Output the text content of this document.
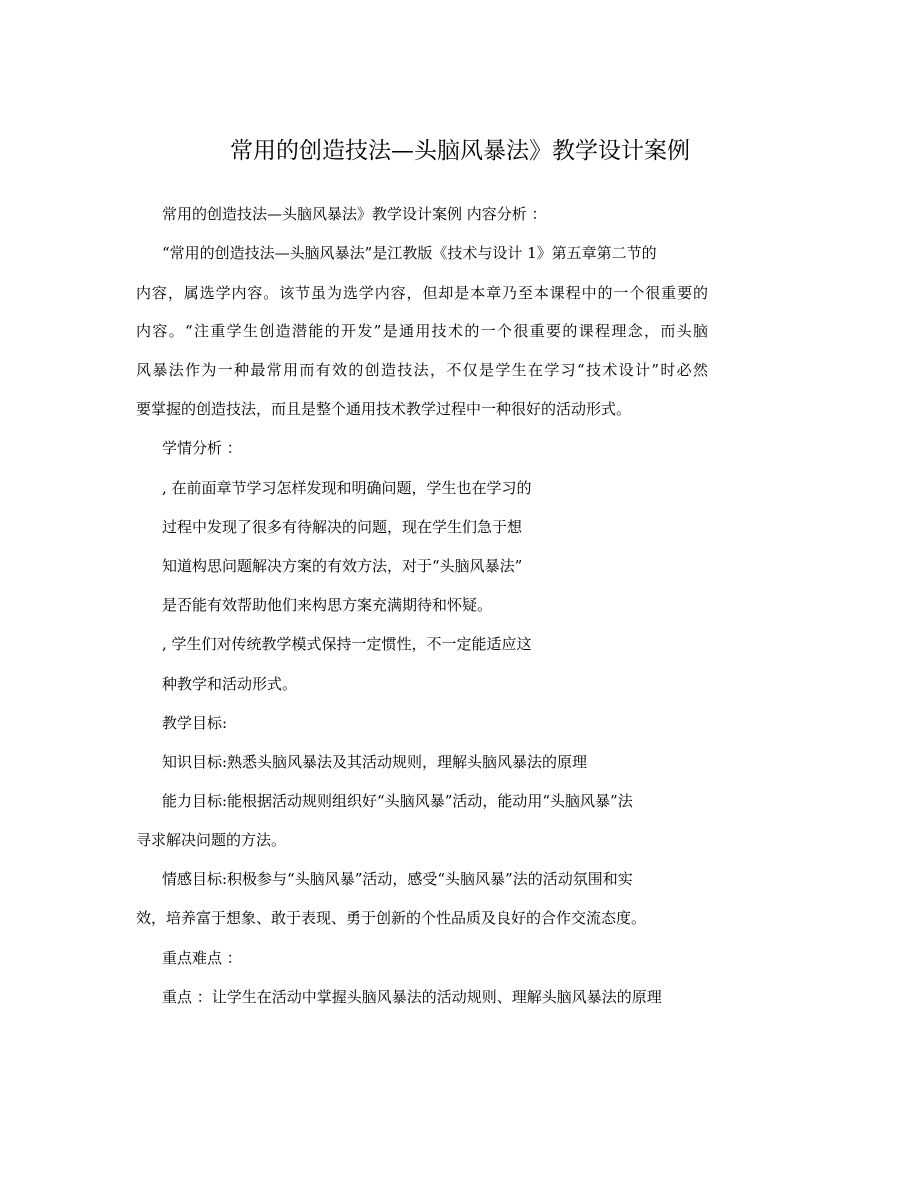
常用的创造技法—头脑风暴法》教学设计案例
常用的创造技法—头脑风暴法》教学设计案例 内容分析 ：
“常用的创造技法—头脑风暴法”是江教版《技术与设计 1》第五章第二节的
内容，属选学内容。该节虽为选学内容，但却是本章乃至本课程中的一个很重要的
内容。“注重学生创造潜能的开发”是通用技术的一个很重要的课程理念，而头脑
风暴法作为一种最常用而有效的创造技法，不仅是学生在学习“技术设计”时必然
要掌握的创造技法，而且是整个通用技术教学过程中一种很好的活动形式。
学情分析 ：
, 在前面章节学习怎样发现和明确问题，学生也在学习的
过程中发现了很多有待解决的问题，现在学生们急于想
知道构思问题解决方案的有效方法，对于“头脑风暴法”
是否能有效帮助他们来构思方案充满期待和怀疑。
, 学生们对传统教学模式保持一定惯性，不一定能适应这
种教学和活动形式。
教学目标:
知识目标:熟悉头脑风暴法及其活动规则，理解头脑风暴法的原理
能力目标:能根据活动规则组织好“头脑风暴”活动，能动用“头脑风暴”法
寻求解决问题的方法。
情感目标:积极参与“头脑风暴”活动，感受“头脑风暴”法的活动氛围和实
效，培养富于想象、敢于表现、勇于创新的个性品质及良好的合作交流态度。
重点难点 ：
重点 ：让学生在活动中掌握头脑风暴法的活动规则、理解头脑风暴法的原理
